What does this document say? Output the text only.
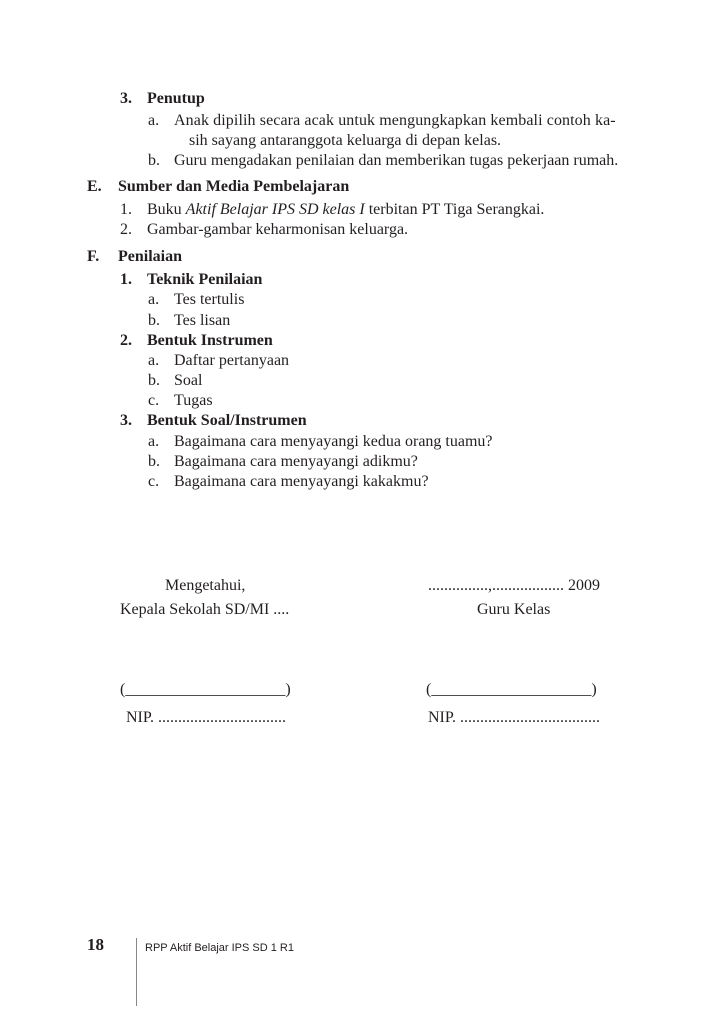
3. Penutup
a. Anak dipilih secara acak untuk mengungkapkan kembali contoh ka-
sih sayang antaranggota keluarga di depan kelas.
b. Guru mengadakan penilaian dan memberikan tugas pekerjaan rumah.
E. Sumber dan Media Pembelajaran
1. Buku Aktif Belajar IPS SD kelas I terbitan PT Tiga Serangkai.
2. Gambar-gambar keharmonisan keluarga.
F. Penilaian
1. Teknik Penilaian
a. Tes tertulis
b. Tes lisan
2. Bentuk Instrumen
a. Daftar pertanyaan
b. Soal
c. Tugas
3. Bentuk Soal/Instrumen
a. Bagaimana cara menyayangi kedua orang tuamu?
b. Bagaimana cara menyayangi adikmu?
c. Bagaimana cara menyayangi kakakmu?
Mengetahui,	...............,.................. 2009
Kepala Sekolah SD/MI ....	Guru Kelas
(____________________)	(____________________)
NIP. ................................	NIP. ...................................
18	RPP Aktif Belajar IPS SD 1 R1
